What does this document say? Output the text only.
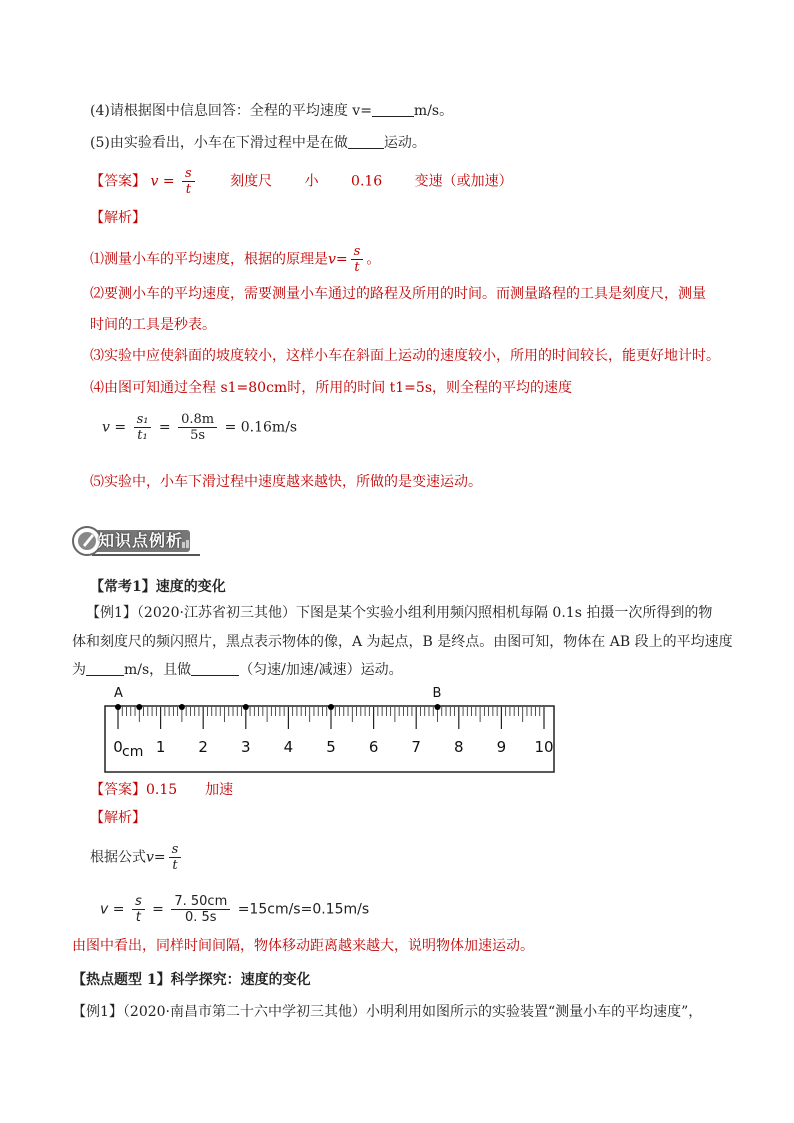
(4)请根据图中信息回答：全程的平均速度 v=	m/s。
(5)由实验看出，小车在下滑过程中是在做	运动。
【答案】 $v = \frac{s}{t}$	刻度尺 小 0.16 变速（或加速）
【解析】
⑴测量小车的平均速度，根据的原理是$v= \frac{s}{t}$ 。
⑵要测小车的平均速度，需要测量小车通过的路程及所用的时间。而测量路程的工具是刻度尺，测量
时间的工具是秒表。
⑶实验中应使斜面的坡度较小，这样小车在斜面上运动的速度较小，所用的时间较长，能更好地计时。
⑷由图可知通过全程 s1=80cm时，所用的时间 t1=5s，则全程的平均的速度
$v = \frac{\text{s₁}}{\text{t₁}} = \frac{0.8m}{5s} = 0.16m/s$
⑸实验中，小车下滑过程中速度越来越快，所做的是变速运动。
知识点例析
【常考1】速度的变化
【例1】（2020·江苏省初三其他）下图是某个实验小组利用频闪照相机每隔 0.1s 拍摄一次所得到的物
体和刻度尺的频闪照片，黑点表示物体的像，A 为起点，B 是终点。由图可知，物体在 AB 段上的平均速度
为	m/s，且做	（匀速/加速/减速）运动。
0 1 2 3 4 5 6 7 8 9 10
A	B
cm
【答案】0.15 加速
【解析】
根据公式$v= \frac{s}{t}$
$v = \frac{s}{t} = \frac{7. 50cm}{0. 5s} =15cm/s=0.15m/s$
由图中看出，同样时间间隔，物体移动距离越来越大，说明物体加速运动。
【热点题型 1】科学探究：速度的变化
【例1】（2020·南昌市第二十六中学初三其他）小明利用如图所示的实验装置“测量小车的平均速度”，
